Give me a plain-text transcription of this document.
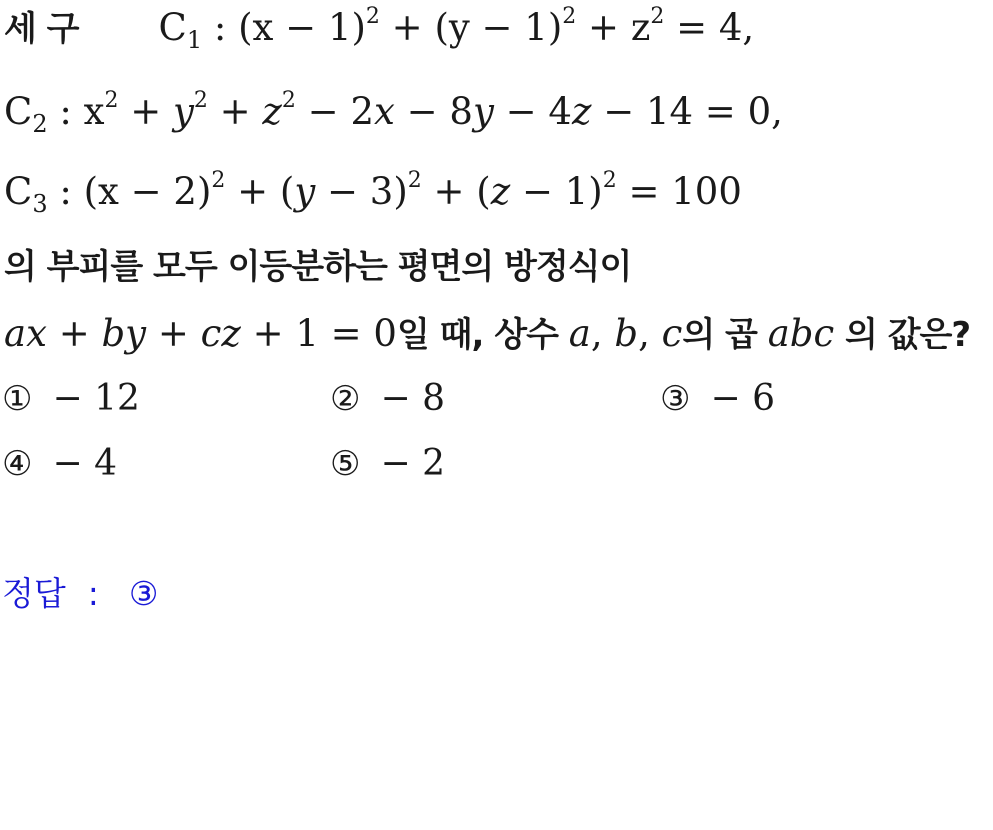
세 구 $C_1$ : $(x - 1)^2 + (y - 1)^2 + z^2 = 4$,
$C_2$ : $x^2 + y^2 + z^2 - 2x - 8y - 4z - 14 = 0$,
$C_3$ : $(x - 2)^2 + (y - 3)^2 + (z - 1)^2 = 100$
의 부피를 모두 이등분하는 평면의 방정식이
ax + by + cz + 1 = 0일 때, 상수 a, b, c의 곱 abc 의 값은?
① − 12	② − 8	③ − 6
④ − 4	⑤ − 2
정답 : ③
